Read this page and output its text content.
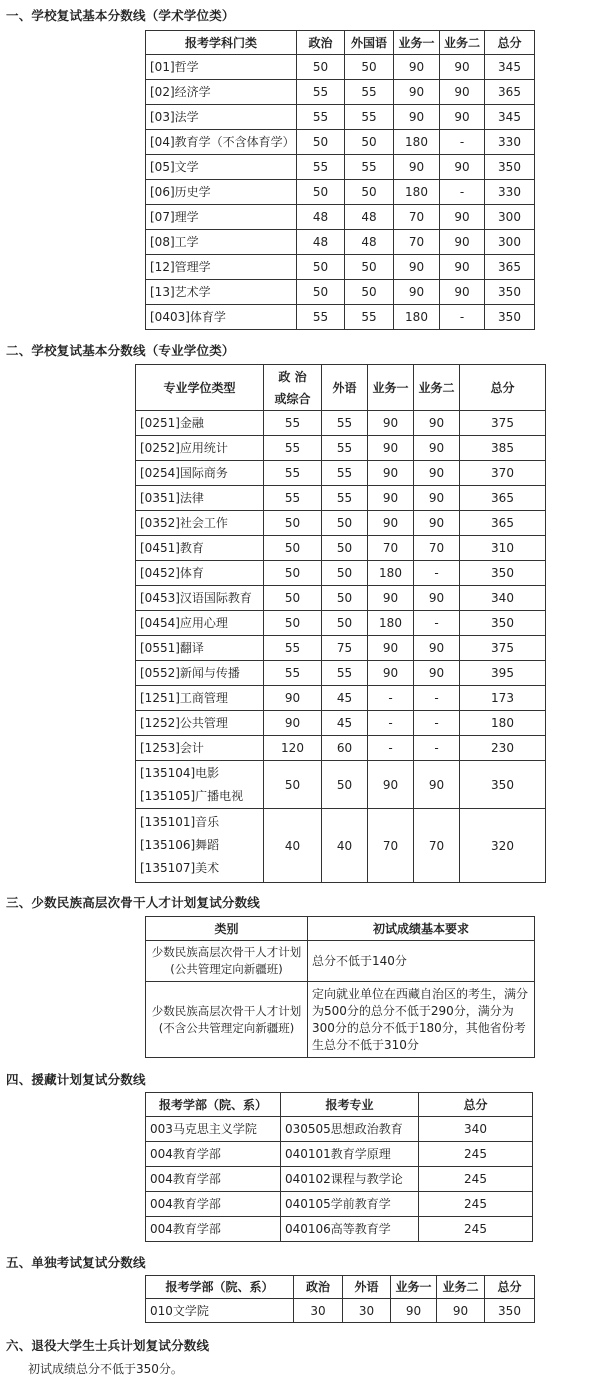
一、学校复试基本分数线（学术学位类）
报考学科门类	政治	外国语	业务一	业务二	总分
[01]哲学	50	50	90	90	345
[02]经济学	55	55	90	90	365
[03]法学	55	55	90	90	345
[04]教育学（不含体育学）	50	50	180	-	330
[05]文学	55	55	90	90	350
[06]历史学	50	50	180	-	330
[07]理学	48	48	70	90	300
[08]工学	48	48	70	90	300
[12]管理学	50	50	90	90	365
[13]艺术学	50	50	90	90	350
[0403]体育学	55	55	180	-	350
二、学校复试基本分数线（专业学位类）
专业学位类型	政 治
或综合	外语	业务一	业务二	总分
[0251]金融	55	55	90	90	375
[0252]应用统计	55	55	90	90	385
[0254]国际商务	55	55	90	90	370
[0351]法律	55	55	90	90	365
[0352]社会工作	50	50	90	90	365
[0451]教育	50	50	70	70	310
[0452]体育	50	50	180	-	350
[0453]汉语国际教育	50	50	90	90	340
[0454]应用心理	50	50	180	-	350
[0551]翻译	55	75	90	90	375
[0552]新闻与传播	55	55	90	90	395
[1251]工商管理	90	45	-	-	173
[1252]公共管理	90	45	-	-	180
[1253]会计	120	60	-	-	230
[135104]电影
[135105]广播电视	50	50	90	90	350
[135101]音乐
[135106]舞蹈
[135107]美术	40	40	70	70	320
三、少数民族高层次骨干人才计划复试分数线
类别	初试成绩基本要求
少数民族高层次骨干人才计划
(公共管理定向新疆班)	总分不低于140分
少数民族高层次骨干人才计划
(不含公共管理定向新疆班)	定向就业单位在西藏自治区的考生，满分为500分的总分不低于290分，满分为300分的总分不低于180分，其他省份考生总分不低于310分
四、援藏计划复试分数线
报考学部（院、系）	报考专业	总分
003马克思主义学院	030505思想政治教育	340
004教育学部	040101教育学原理	245
004教育学部	040102课程与教学论	245
004教育学部	040105学前教育学	245
004教育学部	040106高等教育学	245
五、单独考试复试分数线
报考学部（院、系）	政治	外语	业务一	业务二	总分
010文学院	30	30	90	90	350
六、退役大学生士兵计划复试分数线
初试成绩总分不低于350分。
